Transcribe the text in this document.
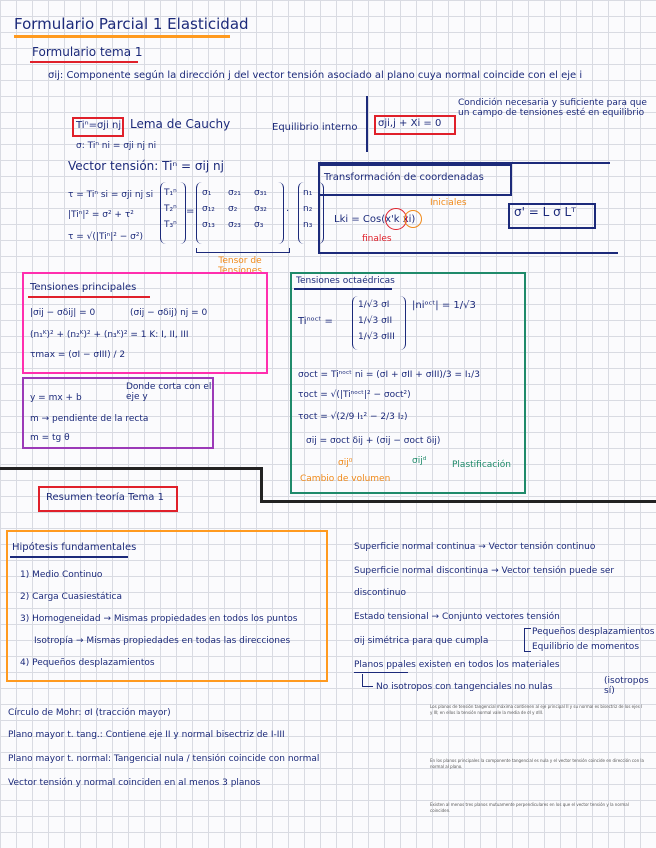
Formulario Parcial 1 Elasticidad
Formulario tema 1
σij: Componente según la dirección j del vector tensión asociado al plano cuya normal coincide con el eje i
Tiⁿ=σji nj Lema de Cauchy
σ: Tiⁿ ni = σji nj ni
Vector tensión: Tiⁿ = σij nj
τ = Tiⁿ si = σji nj si
|Tiⁿ|² = σ² + τ²
τ = √(|Tiⁿ|² − σ²)
T₁ⁿ
T₂ⁿ
T₃ⁿ
=
σ₁	σ₂₁	σ₃₁
σ₁₂	σ₂	σ₃₂
σ₁₃	σ₂₃	σ₃
·
n₁
n₂
n₃
Tensor de Tensiones
Equilibrio interno σji,j + Xi = 0
Condición necesaria y suficiente para que un campo de tensiones esté en equilibrio
Transformación de coordenadas
Lki = Cos(x'k xi)
Iniciales
finales
σ' = L σ Lᵀ
Tensiones principales
|σij − σδij| = 0	(σij − σδij) nj = 0
(n₁ᴷ)² + (n₂ᴷ)² + (n₃ᴷ)² = 1 K: I, II, III
τmax = (σI − σIII) / 2
y = mx + b
Donde corta con el eje y
m → pendiente de la recta
m = tg θ
Tensiones octaédricas
Tiⁿᵒᶜᵗ =
1/√3 σI
1/√3 σII
1/√3 σIII
|niᵒᶜᵗ| = 1/√3
σoct = Tiⁿᵒᶜᵗ ni = (σI + σII + σIII)/3 = I₁/3
τoct = √(|Tiⁿᵒᶜᵗ|² − σoct²)
τoct = √(2/9 I₁² − 2/3 I₂)
σij = σoct δij + (σij − σoct δij)
σij⁰	σijᵈ
Cambio de volumen
Plastificación
Resumen teoría Tema 1
Hipótesis fundamentales
1) Medio Continuo
2) Carga Cuasiestática
3) Homogeneidad → Mismas propiedades en todos los puntos
Isotropía → Mismas propiedades en todas las direcciones
4) Pequeños desplazamientos
Superficie normal continua → Vector tensión continuo
Superficie normal discontinua → Vector tensión puede ser
discontinuo
Estado tensional → Conjunto vectores tensión
σij simétrica para que cumpla
Pequeños desplazamientos
Equilibrio de momentos
Planos ppales existen en todos los materiales
No isotropos con tangenciales no nulas
(isotropos sí)
Círculo de Mohr: σI (tracción mayor)
Plano mayor t. tang.: Contiene eje II y normal bisectriz de I-III
Plano mayor t. normal: Tangencial nula / tensión coincide con normal
Vector tensión y normal coinciden en al menos 3 planos
Los planos de tensión tangencial máxima contienen al eje principal II y su normal es bisectriz de los ejes I y III; en ellos la tensión normal vale la media de σI y σIII.
En los planos principales la componente tangencial es nula y el vector tensión coincide en dirección con la normal al plano.
Existen al menos tres planos mutuamente perpendiculares en los que el vector tensión y la normal coinciden.
